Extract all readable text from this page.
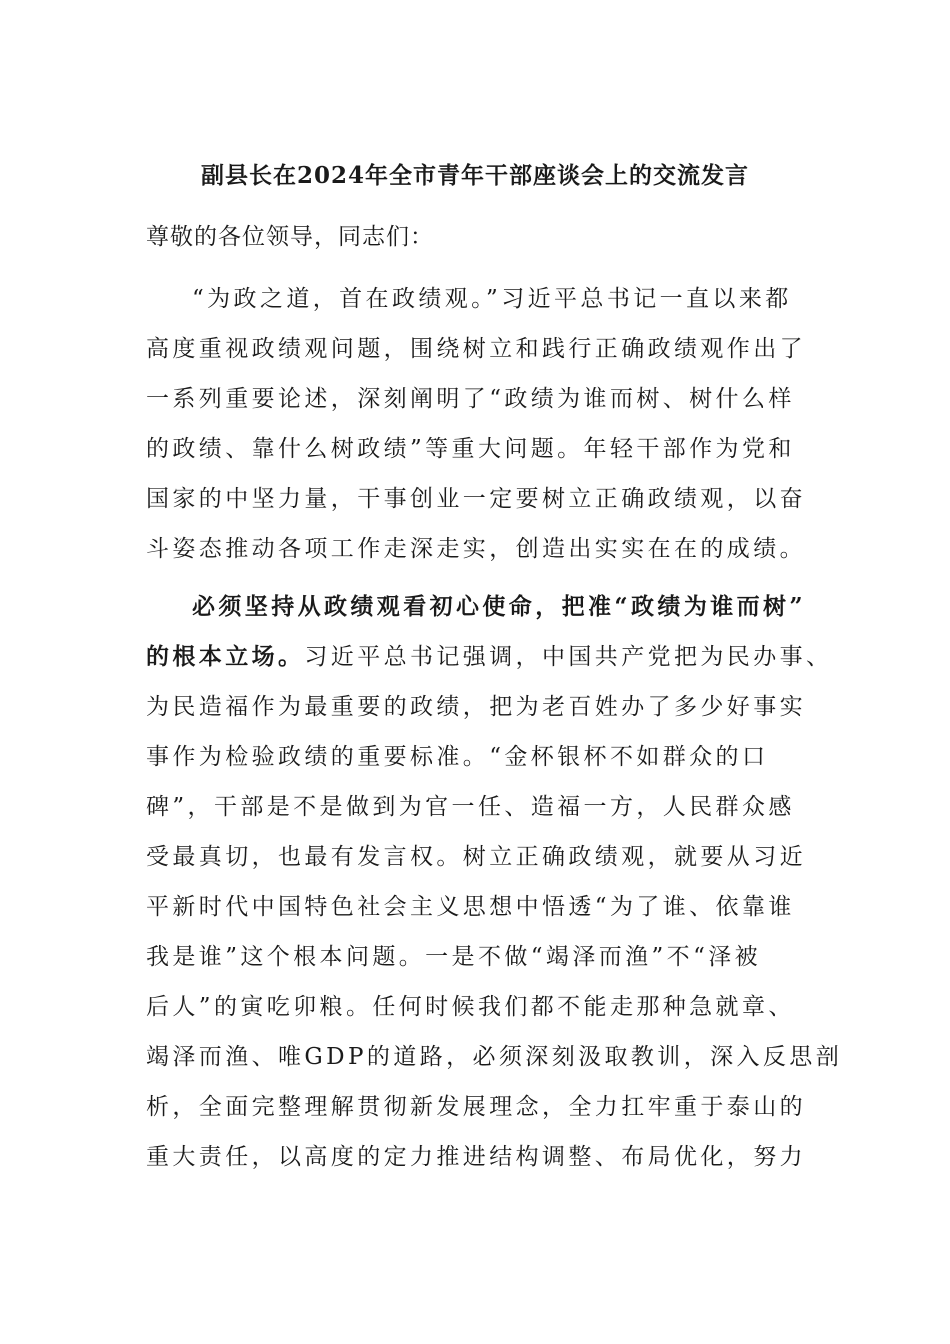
副县长在2024年全市青年干部座谈会上的交流发言
尊敬的各位领导，同志们：
“为政之道，首在政绩观。”习近平总书记一直以来都
高度重视政绩观问题，围绕树立和践行正确政绩观作出了
一系列重要论述，深刻阐明了“政绩为谁而树、树什么样
的政绩、靠什么树政绩”等重大问题。年轻干部作为党和
国家的中坚力量，干事创业一定要树立正确政绩观，以奋
斗姿态推动各项工作走深走实，创造出实实在在的成绩。
必须坚持从政绩观看初心使命，把准“政绩为谁而树”
的根本立场。习近平总书记强调，中国共产党把为民办事、
为民造福作为最重要的政绩，把为老百姓办了多少好事实
事作为检验政绩的重要标准。“金杯银杯不如群众的口
碑”，干部是不是做到为官一任、造福一方，人民群众感
受最真切，也最有发言权。树立正确政绩观，就要从习近
平新时代中国特色社会主义思想中悟透“为了谁、依靠谁
我是谁”这个根本问题。一是不做“竭泽而渔”不“泽被
后人”的寅吃卯粮。任何时候我们都不能走那种急就章、
竭泽而渔、唯GDP的道路，必须深刻汲取教训，深入反思剖
析，全面完整理解贯彻新发展理念，全力扛牢重于泰山的
重大责任，以高度的定力推进结构调整、布局优化，努力
